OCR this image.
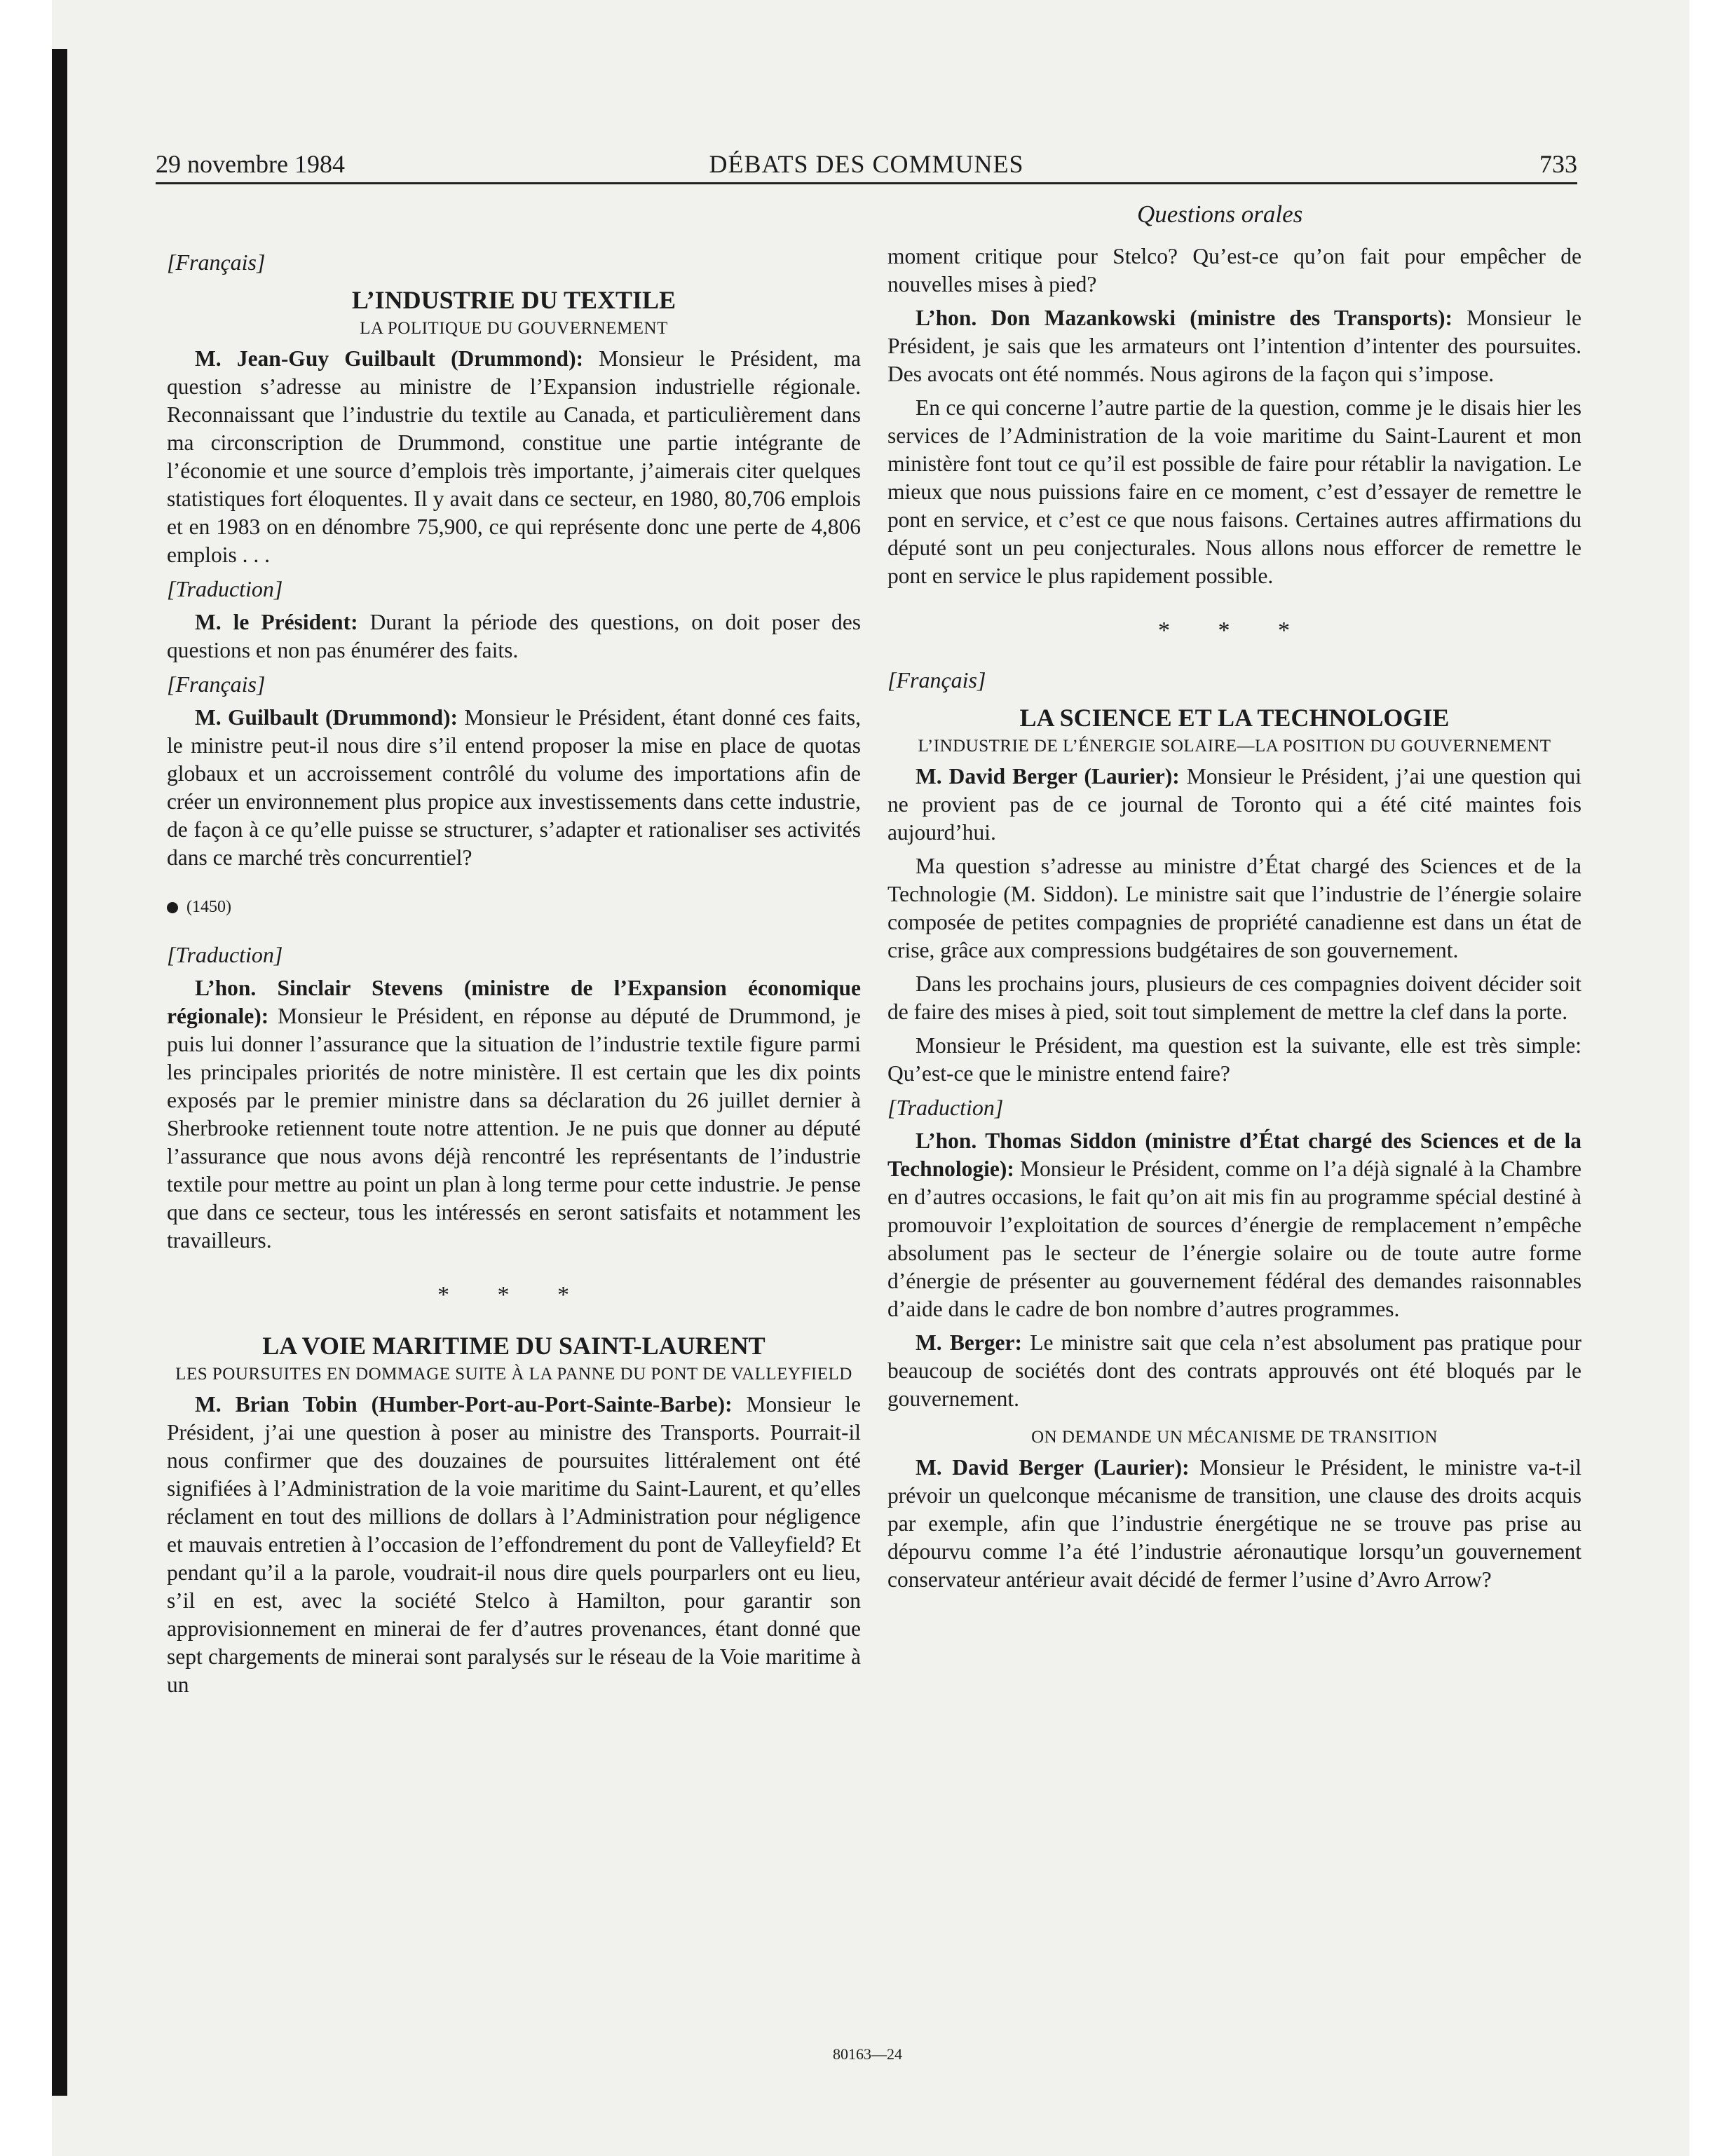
29 novembre 1984	DÉBATS DES COMMUNES	733
Questions orales

[Français]

L’INDUSTRIE DU TEXTILE
LA POLITIQUE DU GOUVERNEMENT

M. Jean-Guy Guilbault (Drummond): Monsieur le Président, ma question s’adresse au ministre de l’Expansion industrielle régionale. Reconnaissant que l’industrie du textile au Canada, et particulièrement dans ma circonscription de Drummond, constitue une partie intégrante de l’économie et une source d’emplois très importante, j’aimerais citer quelques statistiques fort éloquentes. Il y avait dans ce secteur, en 1980, 80,706 emplois et en 1983 on en dénombre 75,900, ce qui représente donc une perte de 4,806 emplois . . .

[Traduction]

M. le Président: Durant la période des questions, on doit poser des questions et non pas énumérer des faits.

[Français]

M. Guilbault (Drummond): Monsieur le Président, étant donné ces faits, le ministre peut-il nous dire s’il entend proposer la mise en place de quotas globaux et un accroissement contrôlé du volume des importations afin de créer un environnement plus propice aux investissements dans cette industrie, de façon à ce qu’elle puisse se structurer, s’adapter et rationaliser ses activités dans ce marché très concurrentiel?

(1450)

[Traduction]

L’hon. Sinclair Stevens (ministre de l’Expansion économique régionale): Monsieur le Président, en réponse au député de Drummond, je puis lui donner l’assurance que la situation de l’industrie textile figure parmi les principales priorités de notre ministère. Il est certain que les dix points exposés par le premier ministre dans sa déclaration du 26 juillet dernier à Sherbrooke retiennent toute notre attention. Je ne puis que donner au député l’assurance que nous avons déjà rencontré les représentants de l’industrie textile pour mettre au point un plan à long terme pour cette industrie. Je pense que dans ce secteur, tous les intéressés en seront satisfaits et notamment les travailleurs.

* * *
LA VOIE MARITIME DU SAINT-LAURENT
LES POURSUITES EN DOMMAGE SUITE À LA PANNE DU PONT DE VALLEYFIELD

M. Brian Tobin (Humber-Port-au-Port-Sainte-Barbe): Monsieur le Président, j’ai une question à poser au ministre des Transports. Pourrait-il nous confirmer que des douzaines de poursuites littéralement ont été signifiées à l’Administration de la voie maritime du Saint-Laurent, et qu’elles réclament en tout des millions de dollars à l’Administration pour négligence et mauvais entretien à l’occasion de l’effondrement du pont de Valleyfield? Et pendant qu’il a la parole, voudrait-il nous dire quels pourparlers ont eu lieu, s’il en est, avec la société Stelco à Hamilton, pour garantir son approvisionnement en minerai de fer d’autres provenances, étant donné que sept chargements de minerai sont paralysés sur le réseau de la Voie maritime à un

moment critique pour Stelco? Qu’est-ce qu’on fait pour empêcher de nouvelles mises à pied?

L’hon. Don Mazankowski (ministre des Transports): Monsieur le Président, je sais que les armateurs ont l’intention d’intenter des poursuites. Des avocats ont été nommés. Nous agirons de la façon qui s’impose.

En ce qui concerne l’autre partie de la question, comme je le disais hier les services de l’Administration de la voie maritime du Saint-Laurent et mon ministère font tout ce qu’il est possible de faire pour rétablir la navigation. Le mieux que nous puissions faire en ce moment, c’est d’essayer de remettre le pont en service, et c’est ce que nous faisons. Certaines autres affirmations du député sont un peu conjecturales. Nous allons nous efforcer de remettre le pont en service le plus rapidement possible.

* * *

[Français]

LA SCIENCE ET LA TECHNOLOGIE
L’INDUSTRIE DE L’ÉNERGIE SOLAIRE—LA POSITION DU GOUVERNEMENT

M. David Berger (Laurier): Monsieur le Président, j’ai une question qui ne provient pas de ce journal de Toronto qui a été cité maintes fois aujourd’hui.

Ma question s’adresse au ministre d’État chargé des Sciences et de la Technologie (M. Siddon). Le ministre sait que l’industrie de l’énergie solaire composée de petites compagnies de propriété canadienne est dans un état de crise, grâce aux compressions budgétaires de son gouvernement.

Dans les prochains jours, plusieurs de ces compagnies doivent décider soit de faire des mises à pied, soit tout simplement de mettre la clef dans la porte.

Monsieur le Président, ma question est la suivante, elle est très simple: Qu’est-ce que le ministre entend faire?

[Traduction]

L’hon. Thomas Siddon (ministre d’État chargé des Sciences et de la Technologie): Monsieur le Président, comme on l’a déjà signalé à la Chambre en d’autres occasions, le fait qu’on ait mis fin au programme spécial destiné à promouvoir l’exploitation de sources d’énergie de remplacement n’empêche absolument pas le secteur de l’énergie solaire ou de toute autre forme d’énergie de présenter au gouvernement fédéral des demandes raisonnables d’aide dans le cadre de bon nombre d’autres programmes.

M. Berger: Le ministre sait que cela n’est absolument pas pratique pour beaucoup de sociétés dont des contrats approuvés ont été bloqués par le gouvernement.

ON DEMANDE UN MÉCANISME DE TRANSITION

M. David Berger (Laurier): Monsieur le Président, le ministre va-t-il prévoir un quelconque mécanisme de transition, une clause des droits acquis par exemple, afin que l’industrie énergétique ne se trouve pas prise au dépourvu comme l’a été l’industrie aéronautique lorsqu’un gouvernement conservateur antérieur avait décidé de fermer l’usine d’Avro Arrow?

80163—24
